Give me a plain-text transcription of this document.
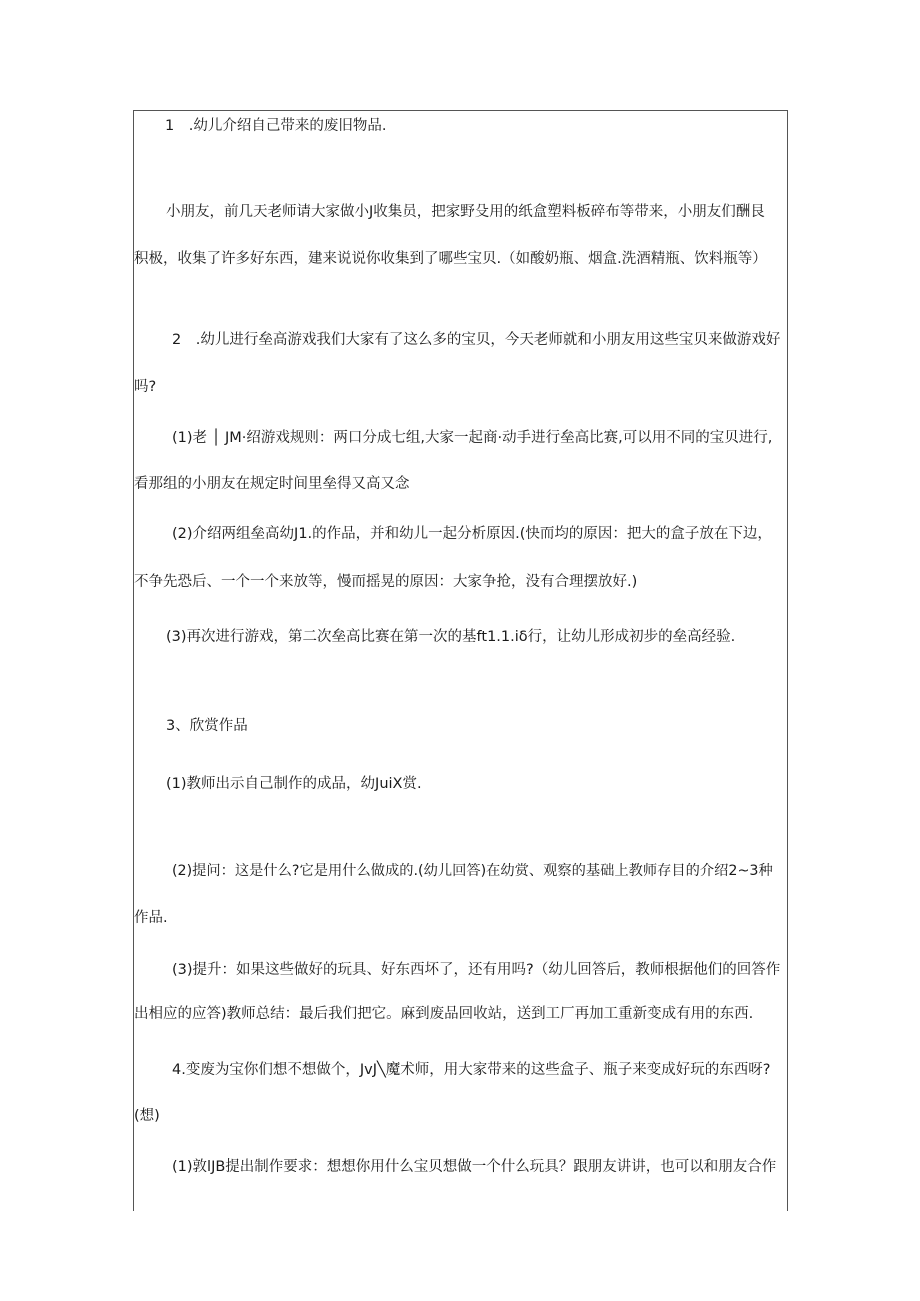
1　.幼儿介绍自己带来的废旧物品.
小朋友，前几天老师请大家做小J收集员，把家野殳用的纸盒塑料板碎布等带来，小朋友们酬艮
积极，收集了许多好东西，建来说说你收集到了哪些宝贝.（如酸奶瓶、烟盒.洗酒精瓶、饮料瓶等）
2　.幼儿进行垒高游戏我们大家有了这么多的宝贝，今天老师就和小朋友用这些宝贝来做游戏好
吗?
(1)老 │ JM·绍游戏规则：两口分成七组,大家一起商·动手进行垒高比赛,可以用不同的宝贝进行,
看那组的小朋友在规定时间里垒得又高又念
(2)介绍两组垒高幼J1.的作品，并和幼儿一起分析原因.(快而均的原因：把大的盒子放在下边，
不争先恐后、一个一个来放等，慢而摇晃的原因：大家争抢，没有合理摆放好.)
(3)再次进行游戏，第二次垒高比赛在第一次的基ft1.1.iδ行，让幼儿形成初步的垒高经验.
3、欣赏作品
(1)教师出示自己制作的成品，幼JuiX赏.
(2)提问：这是什么?它是用什么做成的.(幼儿回答)在幼赏、观察的基础上教师存目的介绍2~3种
作品.
(3)提升：如果这些做好的玩具、好东西坏了，还有用吗?（幼儿回答后，教师根据他们的回答作
出相应的应答)教师总结：最后我们把它。麻到废品回收站，送到工厂再加工重新变成有用的东西.
4.变废为宝你们想不想做个，JvJ╲魔术师，用大家带来的这些盒子、瓶子来变成好玩的东西呀?
(想)
(1)敦lJB提出制作要求：想想你用什么宝贝想做一个什么玩具？跟朋友讲讲，也可以和朋友合作
